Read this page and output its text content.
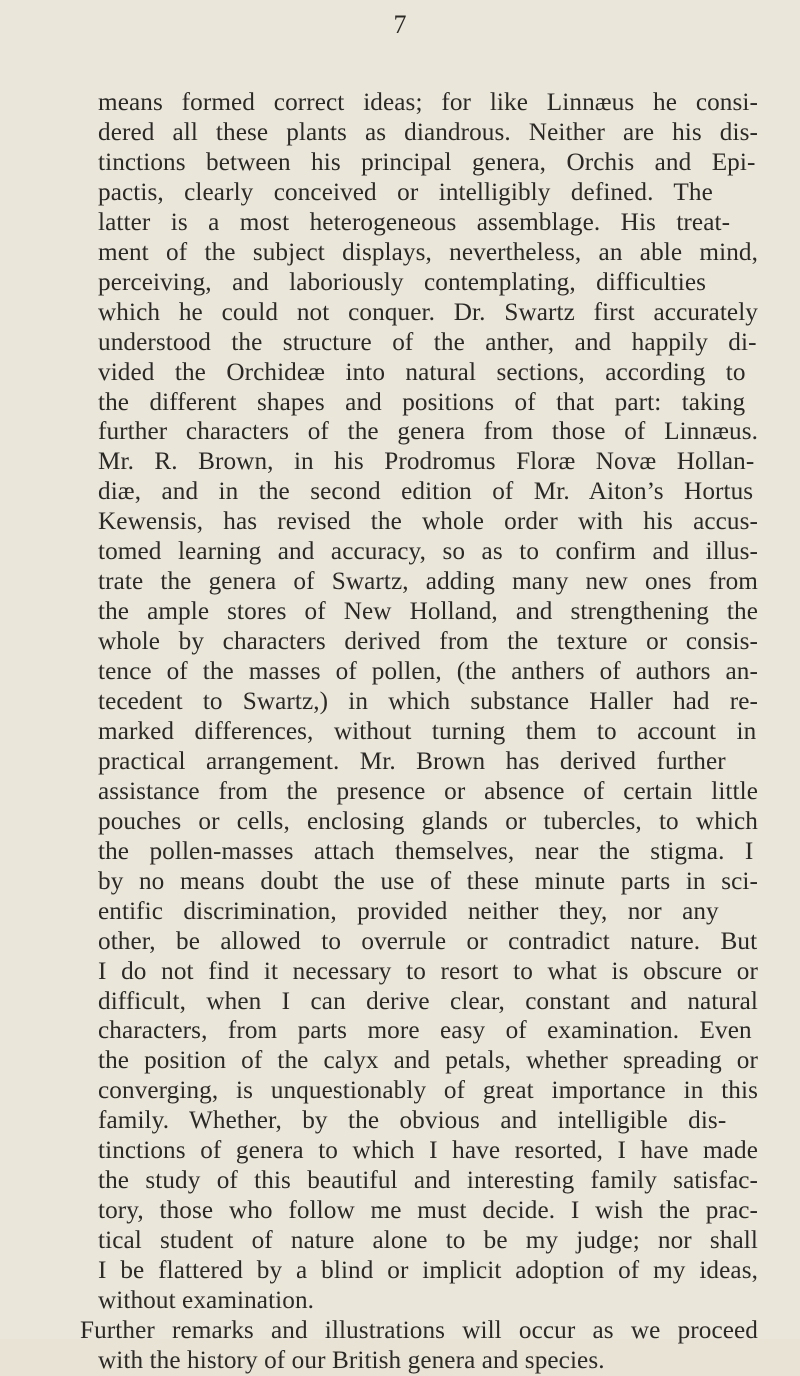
7
means formed correct ideas; for like Linnæus he consi-
dered all these plants as diandrous. Neither are his dis-
tinctions between his principal genera, Orchis and Epi-
pactis, clearly conceived or intelligibly defined. The
latter is a most heterogeneous assemblage. His treat-
ment of the subject displays, nevertheless, an able mind,
perceiving, and laboriously contemplating, difficulties
which he could not conquer. Dr. Swartz first accurately
understood the structure of the anther, and happily di-
vided the Orchideæ into natural sections, according to
the different shapes and positions of that part: taking
further characters of the genera from those of Linnæus.
Mr. R. Brown, in his Prodromus Floræ Novæ Hollan-
diæ, and in the second edition of Mr. Aiton’s Hortus
Kewensis, has revised the whole order with his accus-
tomed learning and accuracy, so as to confirm and illus-
trate the genera of Swartz, adding many new ones from
the ample stores of New Holland, and strengthening the
whole by characters derived from the texture or consis-
tence of the masses of pollen, (the anthers of authors an-
tecedent to Swartz,) in which substance Haller had re-
marked differences, without turning them to account in
practical arrangement. Mr. Brown has derived further
assistance from the presence or absence of certain little
pouches or cells, enclosing glands or tubercles, to which
the pollen-masses attach themselves, near the stigma. I
by no means doubt the use of these minute parts in sci-
entific discrimination, provided neither they, nor any
other, be allowed to overrule or contradict nature. But
I do not find it necessary to resort to what is obscure or
difficult, when I can derive clear, constant and natural
characters, from parts more easy of examination. Even
the position of the calyx and petals, whether spreading or
converging, is unquestionably of great importance in this
family. Whether, by the obvious and intelligible dis-
tinctions of genera to which I have resorted, I have made
the study of this beautiful and interesting family satisfac-
tory, those who follow me must decide. I wish the prac-
tical student of nature alone to be my judge; nor shall
I be flattered by a blind or implicit adoption of my ideas,
without examination.
Further remarks and illustrations will occur as we proceed
with the history of our British genera and species.
